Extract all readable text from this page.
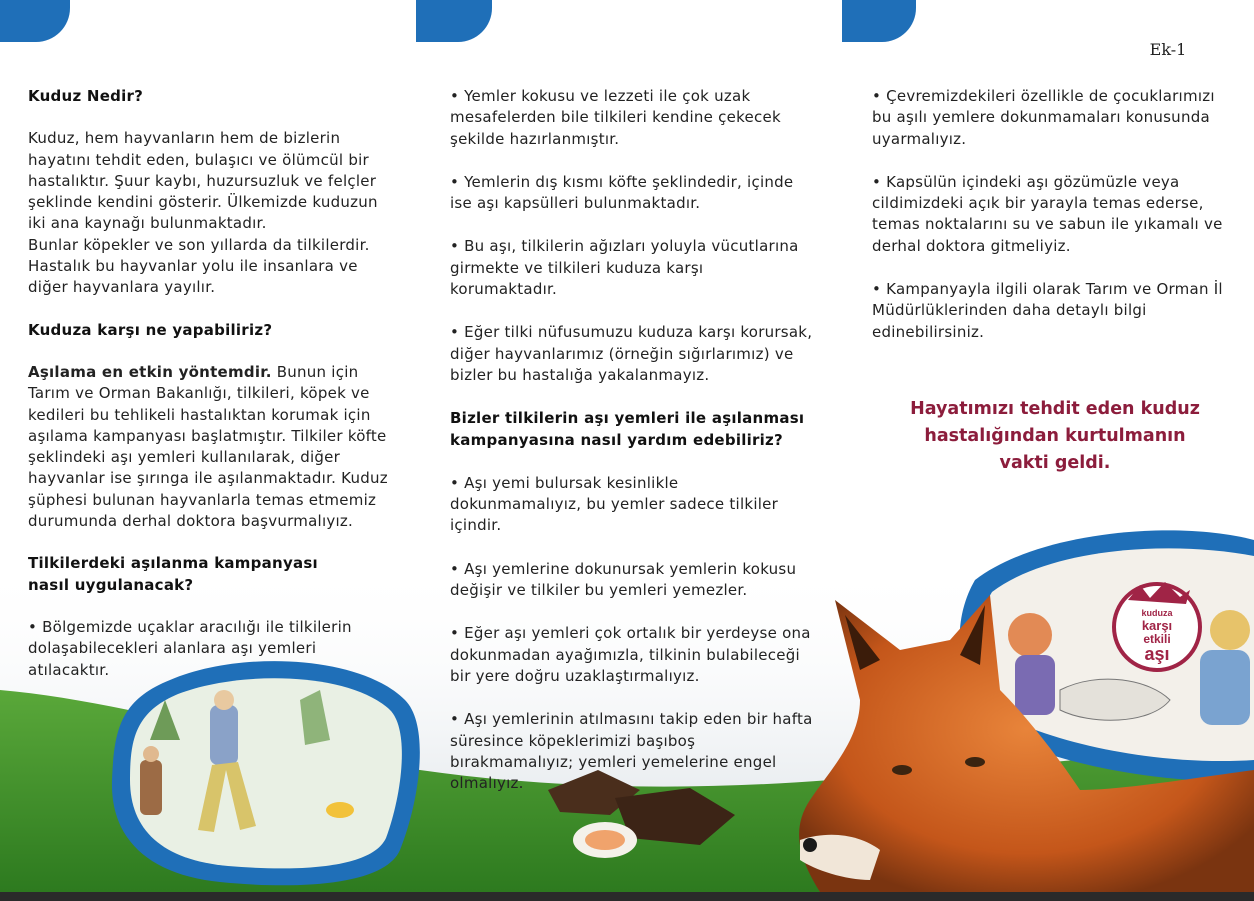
kuduza
karşı
etkili
aşı
Ek-1

Kuduz Nedir?

Kuduz, hem hayvanların hem de bizlerin hayatını tehdit eden, bulaşıcı ve ölümcül bir hastalıktır. Şuur kaybı, huzursuzluk ve felçler şeklinde kendini gösterir. Ülkemizde kuduzun iki ana kaynağı bulunmaktadır.

Bunlar köpekler ve son yıllarda da tilkilerdir. Hastalık bu hayvanlar yolu ile insanlara ve diğer hayvanlara yayılır.

Kuduza karşı ne yapabiliriz?

Aşılama en etkin yöntemdir. Bunun için Tarım ve Orman Bakanlığı, tilkileri, köpek ve kedileri bu tehlikeli hastalıktan korumak için aşılama kampanyası başlatmıştır. Tilkiler köfte şeklindeki aşı yemleri kullanılarak, diğer hayvanlar ise şırınga ile aşılanmaktadır. Kuduz şüphesi bulunan hayvanlarla temas etmemiz durumunda derhal doktora başvurmalıyız.

Tilkilerdeki aşılanma kampanyası

nasıl uygulanacak?

• Bölgemizde uçaklar aracılığı ile tilkilerin dolaşabilecekleri alanlara aşı yemleri atılacaktır.

• Yemler kokusu ve lezzeti ile çok uzak mesafelerden bile tilkileri kendine çekecek şekilde hazırlanmıştır.

• Yemlerin dış kısmı köfte şeklindedir, içinde ise aşı kapsülleri bulunmaktadır.

• Bu aşı, tilkilerin ağızları yoluyla vücutlarına girmekte ve tilkileri kuduza karşı korumaktadır.

• Eğer tilki nüfusumuzu kuduza karşı korursak, diğer hayvanlarımız (örneğin sığırlarımız) ve bizler bu hastalığa yakalanmayız.

Bizler tilkilerin aşı yemleri ile aşılanması kampanyasına nasıl yardım edebiliriz?

• Aşı yemi bulursak kesinlikle dokunmamalıyız, bu yemler sadece tilkiler içindir.

• Aşı yemlerine dokunursak yemlerin kokusu değişir ve tilkiler bu yemleri yemezler.

• Eğer aşı yemleri çok ortalık bir yerdeyse ona dokunmadan ayağımızla, tilkinin bulabileceği bir yere doğru uzaklaştırmalıyız.

• Aşı yemlerinin atılmasını takip eden bir hafta süresince köpeklerimizi başıboş bırakmamalıyız; yemleri yemelerine engel olmalıyız.

• Çevremizdekileri özellikle de çocuklarımızı bu aşılı yemlere dokunmamaları konusunda uyarmalıyız.

• Kapsülün içindeki aşı gözümüzle veya cildimizdeki açık bir yarayla temas ederse, temas noktalarını su ve sabun ile yıkamalı ve derhal doktora gitmeliyiz.

• Kampanyayla ilgili olarak Tarım ve Orman İl Müdürlüklerinden daha detaylı bilgi edinebilirsiniz.

Hayatımızı tehdit eden kuduz
hastalığından kurtulmanın
vakti geldi.
